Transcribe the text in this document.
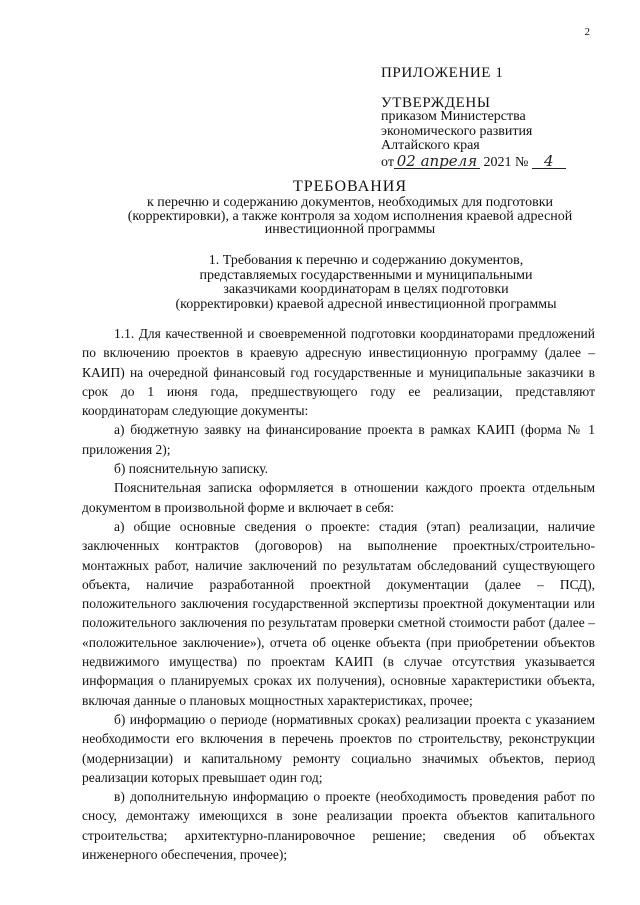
2
ПРИЛОЖЕНИЕ 1
УТВЕРЖДЕНЫ
приказом Министерства
экономического развития
Алтайского края
от 02 апреля 2021 № 4
ТРЕБОВАНИЯ
к перечню и содержанию документов, необходимых для подготовки
(корректировки), а также контроля за ходом исполнения краевой адресной
инвестиционной программы
1. Требования к перечню и содержанию документов,
представляемых государственными и муниципальными
заказчиками координаторам в целях подготовки
(корректировки) краевой адресной инвестиционной программы

1.1. Для качественной и своевременной подготовки координаторами предложений по включению проектов в краевую адресную инвестиционную программу (далее – КАИП) на очередной финансовый год государственные и муниципальные заказчики в срок до 1 июня года, предшествующего году ее реализации, представляют координаторам следующие документы:

а) бюджетную заявку на финансирование проекта в рамках КАИП (форма № 1 приложения 2);

б) пояснительную записку.

Пояснительная записка оформляется в отношении каждого проекта отдельным документом в произвольной форме и включает в себя:

а) общие основные сведения о проекте: стадия (этап) реализации, наличие заключенных контрактов (договоров) на выполнение проектных/строительно-монтажных работ, наличие заключений по результатам обследований существующего объекта, наличие разработанной проектной документации (далее – ПСД), положительного заключения государственной экспертизы проектной документации или положительного заключения по результатам проверки сметной стоимости работ (далее – «положительное заключение»), отчета об оценке объекта (при приобретении объектов недвижимого имущества) по проектам КАИП (в случае отсутствия указывается информация о планируемых сроках их получения), основные характеристики объекта, включая данные о плановых мощностных характеристиках, прочее;

б) информацию о периоде (нормативных сроках) реализации проекта с указанием необходимости его включения в перечень проектов по строительству, реконструкции (модернизации) и капитальному ремонту социально значимых объектов, период реализации которых превышает один год;

в) дополнительную информацию о проекте (необходимость проведения работ по сносу, демонтажу имеющихся в зоне реализации проекта объектов капитального строительства; архитектурно-планировочное решение; сведения об объектах инженерного обеспечения, прочее);
